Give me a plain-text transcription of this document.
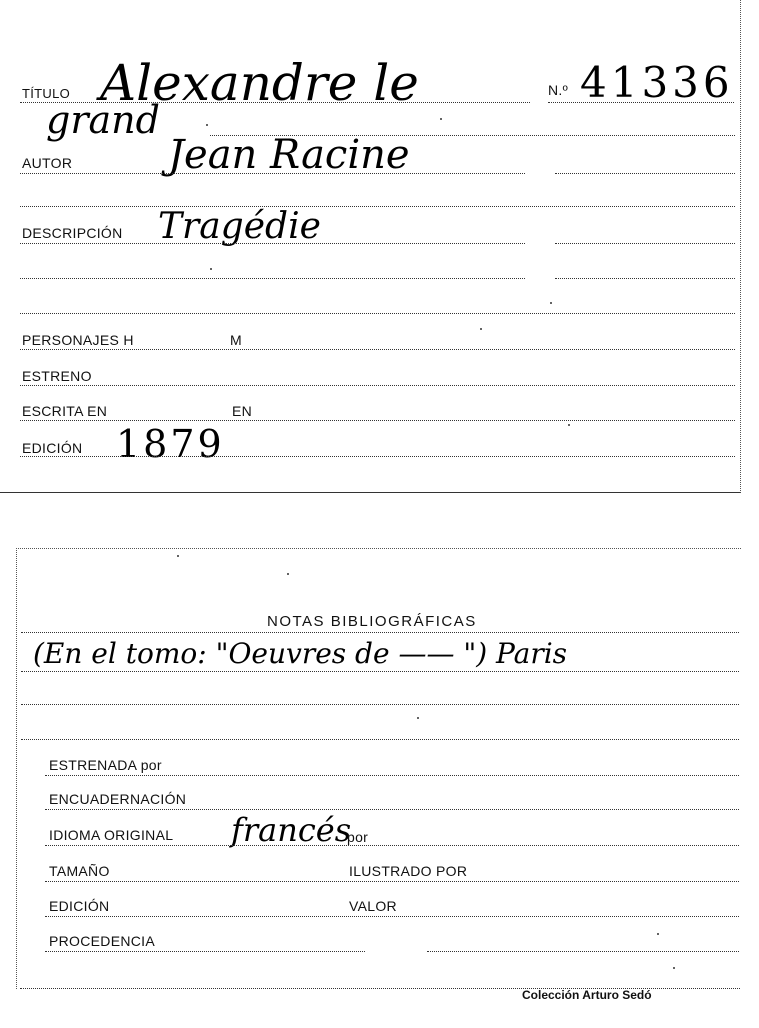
TÍTULO Alexandre le	N.º 41336
grand
AUTOR Jean Racine
DESCRIPCIÓN Tragédie
PERSONAJES H	M
ESTRENO
ESCRITA EN	EN
EDICIÓN 1879
NOTAS BIBLIOGRÁFICAS
(En el tomo: "Oeuvres de —— ") Paris
ESTRENADA por
ENCUADERNACIÓN
IDIOMA ORIGINAL francés
por
TAMAÑO	ILUSTRADO POR
EDICIÓN	VALOR
PROCEDENCIA
Colección Arturo Sedó
